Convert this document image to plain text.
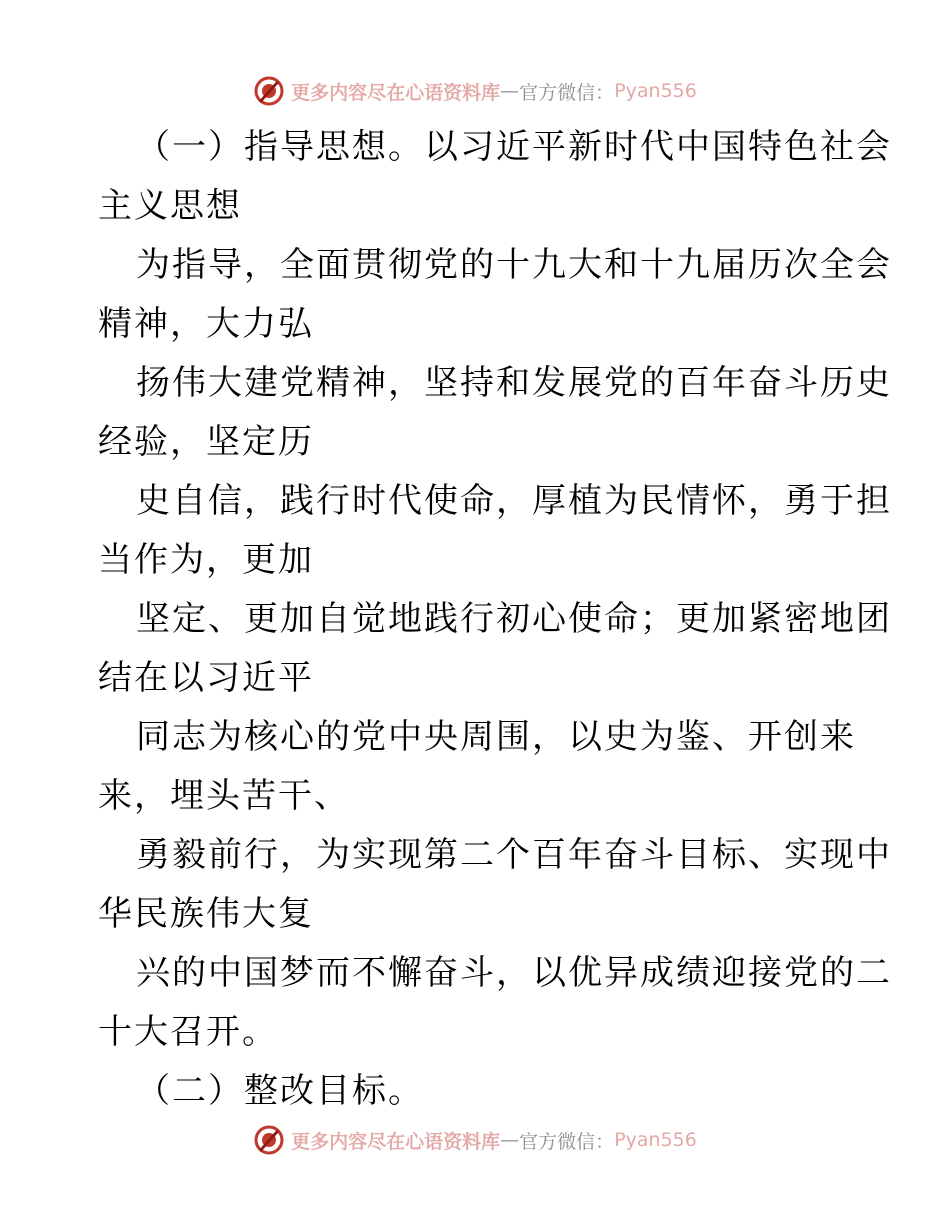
更多内容尽在心语资料库 — 官方微信： Pyan556
（一）指导思想。以习近平新时代中国特色社会
主义思想
为指导，全面贯彻党的十九大和十九届历次全会
精神，大力弘
扬伟大建党精神，坚持和发展党的百年奋斗历史
经验，坚定历
史自信，践行时代使命，厚植为民情怀，勇于担
当作为，更加
坚定、更加自觉地践行初心使命；更加紧密地团
结在以习近平
同志为核心的党中央周围，以史为鉴、开创来
来，埋头苦干、
勇毅前行，为实现第二个百年奋斗目标、实现中
华民族伟大复
兴的中国梦而不懈奋斗，以优异成绩迎接党的二
十大召开。
（二）整改目标。
更多内容尽在心语资料库 — 官方微信： Pyan556
